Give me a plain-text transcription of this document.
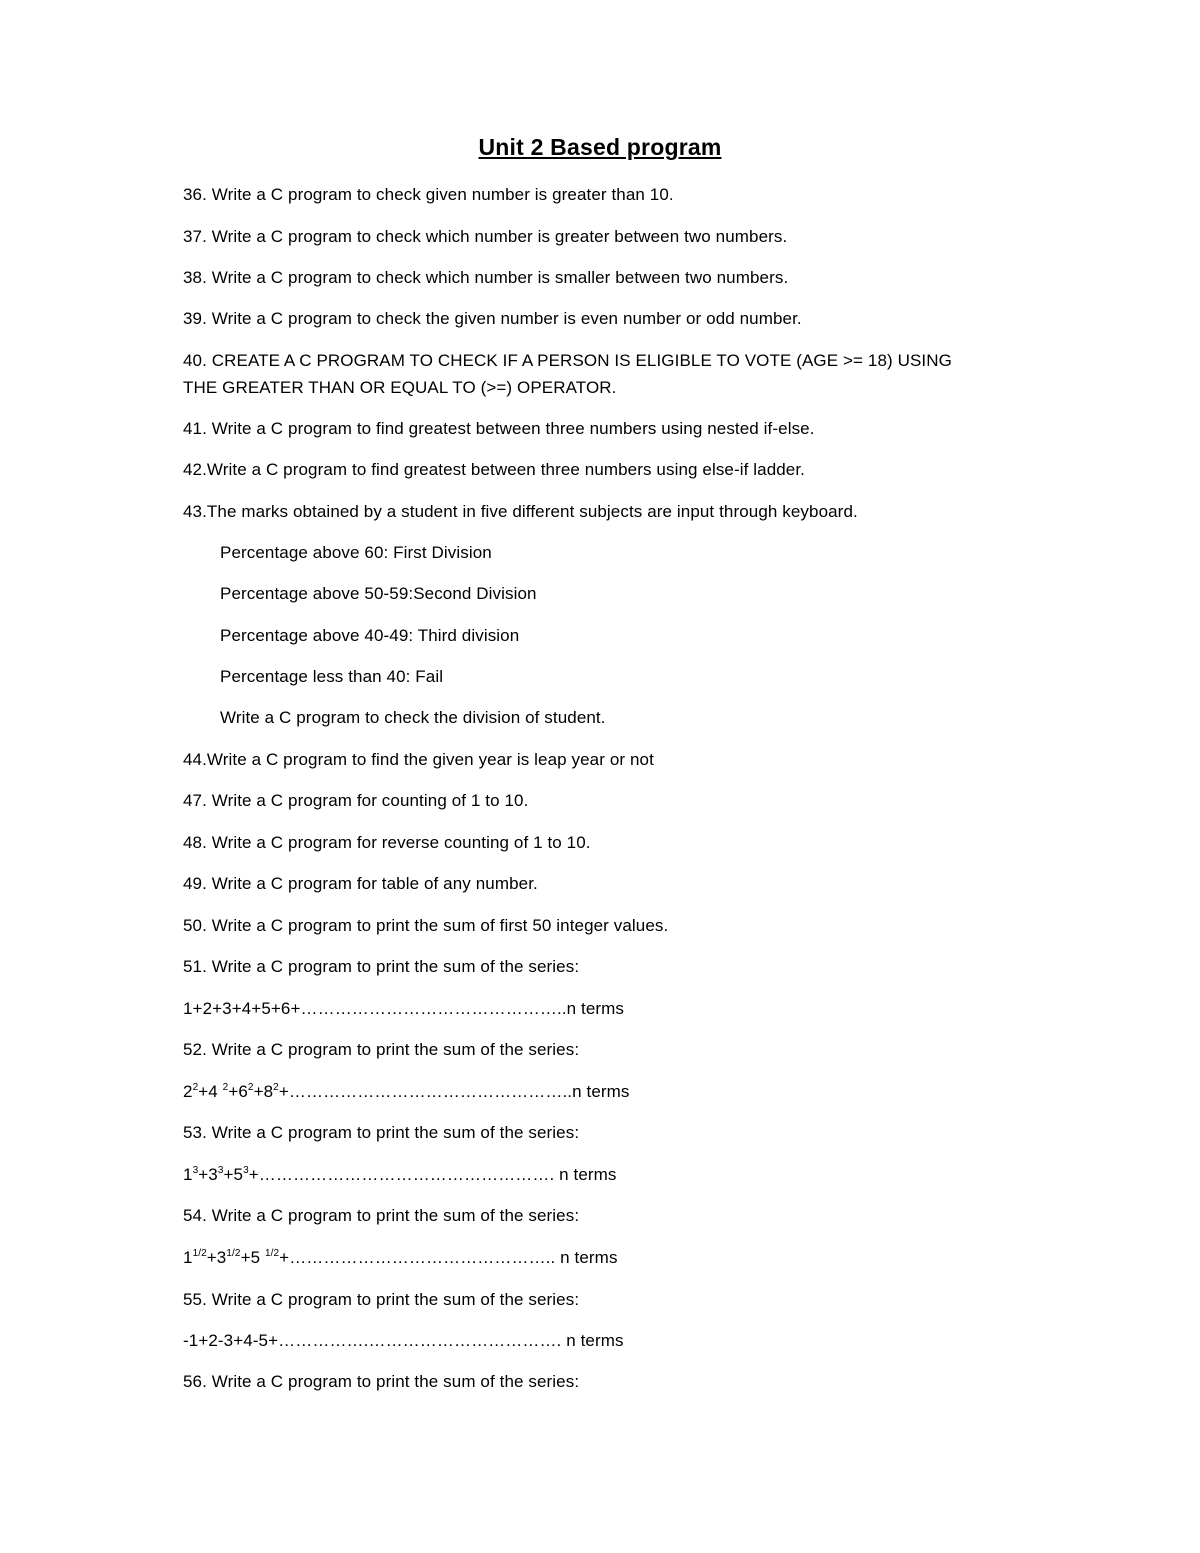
Unit 2 Based program
36. Write a C program to check given number is greater than 10.
37. Write a C program to check which number is greater between two numbers.
38. Write a C program to check which number is smaller between two numbers.
39. Write a C program to check the given number is even number or odd number.
40. CREATE A C PROGRAM TO CHECK IF A PERSON IS ELIGIBLE TO VOTE (AGE >= 18) USING THE GREATER THAN OR EQUAL TO (>=) OPERATOR.
41. Write a C program to find greatest between three numbers using nested if-else.
42.Write a C program to find greatest between three numbers using else-if ladder.
43.The marks obtained by a student in five different subjects are input through keyboard.
Percentage above 60: First Division
Percentage above 50-59:Second Division
Percentage above 40-49: Third division
Percentage less than 40: Fail
Write a C program to check the division of student.
44.Write a C program to find the given year is leap year or not
47. Write a C program for counting of 1 to 10.
48. Write a C program for reverse counting of 1 to 10.
49. Write a C program for table of any number.
50. Write a C program to print the sum of first 50 integer values.
51. Write a C program to print the sum of the series:
1+2+3+4+5+6+………………………………………..n terms
52. Write a C program to print the sum of the series:
$2^2+4$ $^2+6^2+8^2+\dots\dots\dots\dots\dots\dots\dots\dots\dots\dots\dots\dots\dots\dots\dots\dots..n$ terms
53. Write a C program to print the sum of the series:
$1^3+3^3+5^3+\dots\dots\dots\dots\dots\dots\dots\dots\dots\dots\dots\dots\dots\dots\dots\dots\dots$. n terms
54. Write a C program to print the sum of the series:
$1^{1/2}+3^{1/2}+5$ $^{1/2}$+……………………………………….. n terms
55. Write a C program to print the sum of the series:
-1+2-3+4-5+…………….……………………………. n terms
56. Write a C program to print the sum of the series:
